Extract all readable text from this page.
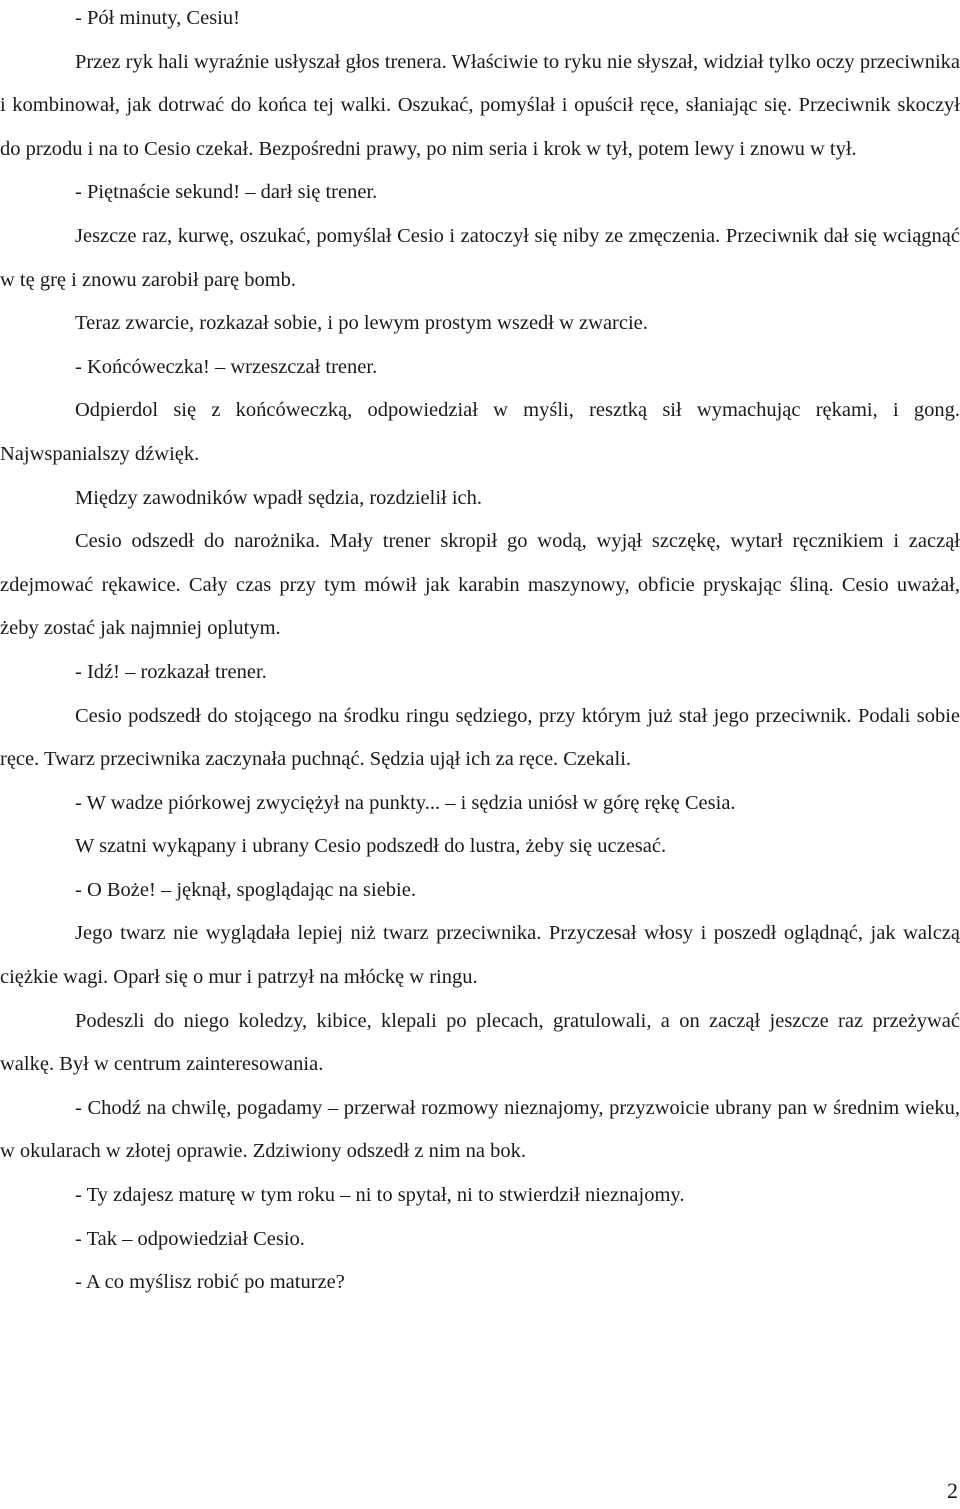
- Pół minuty, Cesiu!

Przez ryk hali wyraźnie usłyszał głos trenera. Właściwie to ryku nie słyszał, widział tylko oczy przeciwnika i kombinował, jak dotrwać do końca tej walki. Oszukać, pomyślał i opuścił ręce, słaniając się. Przeciwnik skoczył do przodu i na to Cesio czekał. Bezpośredni prawy, po nim seria i krok w tył, potem lewy i znowu w tył.

- Piętnaście sekund! – darł się trener.

Jeszcze raz, kurwę, oszukać, pomyślał Cesio i zatoczył się niby ze zmęczenia. Przeciwnik dał się wciągnąć w tę grę i znowu zarobił parę bomb.

Teraz zwarcie, rozkazał sobie, i po lewym prostym wszedł w zwarcie.

- Końcóweczka! – wrzeszczał trener.

Odpierdol się z końcóweczką, odpowiedział w myśli, resztką sił wymachując rękami, i gong. Najwspanialszy dźwięk.

Między zawodników wpadł sędzia, rozdzielił ich.

Cesio odszedł do narożnika. Mały trener skropił go wodą, wyjął szczękę, wytarł ręcznikiem i zaczął zdejmować rękawice. Cały czas przy tym mówił jak karabin maszynowy, obficie pryskając śliną. Cesio uważał, żeby zostać jak najmniej oplutym.

- Idź! – rozkazał trener.

Cesio podszedł do stojącego na środku ringu sędziego, przy którym już stał jego przeciwnik. Podali sobie ręce. Twarz przeciwnika zaczynała puchnąć. Sędzia ujął ich za ręce. Czekali.

- W wadze piórkowej zwyciężył na punkty... – i sędzia uniósł w górę rękę Cesia.

W szatni wykąpany i ubrany Cesio podszedł do lustra, żeby się uczesać.

- O Boże! – jęknął, spoglądając na siebie.

Jego twarz nie wyglądała lepiej niż twarz przeciwnika. Przyczesał włosy i poszedł oglądnąć, jak walczą ciężkie wagi. Oparł się o mur i patrzył na młóckę w ringu.

Podeszli do niego koledzy, kibice, klepali po plecach, gratulowali, a on zaczął jeszcze raz przeżywać walkę. Był w centrum zainteresowania.

- Chodź na chwilę, pogadamy – przerwał rozmowy nieznajomy, przyzwoicie ubrany pan w średnim wieku, w okularach w złotej oprawie. Zdziwiony odszedł z nim na bok.

- Ty zdajesz maturę w tym roku – ni to spytał, ni to stwierdził nieznajomy.

- Tak – odpowiedział Cesio.

- A co myślisz robić po maturze?

2
